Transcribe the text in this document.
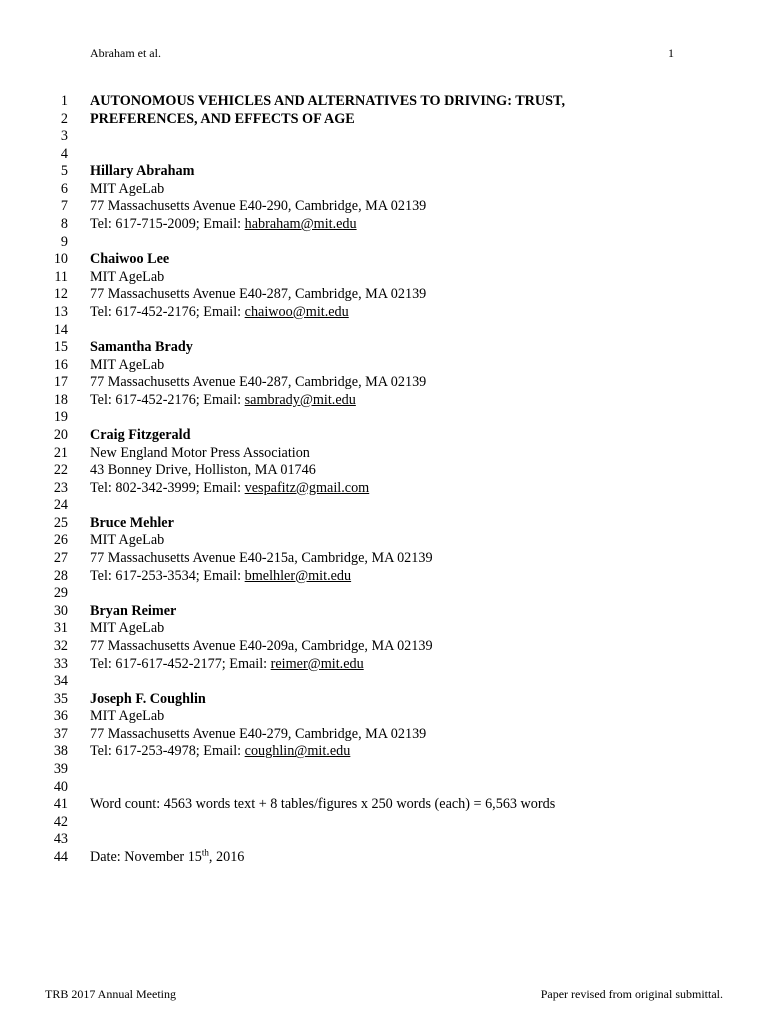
Abraham et al.	1
1 AUTONOMOUS VEHICLES AND ALTERNATIVES TO DRIVING: TRUST,
2 PREFERENCES, AND EFFECTS OF AGE
3
4
5 Hillary Abraham
6 MIT AgeLab
7 77 Massachusetts Avenue E40-290, Cambridge, MA 02139
8 Tel: 617-715-2009; Email: habraham@mit.edu
9
10 Chaiwoo Lee
11 MIT AgeLab
12 77 Massachusetts Avenue E40-287, Cambridge, MA 02139
13 Tel: 617-452-2176; Email: chaiwoo@mit.edu
14
15 Samantha Brady
16 MIT AgeLab
17 77 Massachusetts Avenue E40-287, Cambridge, MA 02139
18 Tel: 617-452-2176; Email: sambrady@mit.edu
19
20 Craig Fitzgerald
21 New England Motor Press Association
22 43 Bonney Drive, Holliston, MA 01746
23 Tel: 802-342-3999; Email: vespafitz@gmail.com
24
25 Bruce Mehler
26 MIT AgeLab
27 77 Massachusetts Avenue E40-215a, Cambridge, MA 02139
28 Tel: 617-253-3534; Email: bmelhler@mit.edu
29
30 Bryan Reimer
31 MIT AgeLab
32 77 Massachusetts Avenue E40-209a, Cambridge, MA 02139
33 Tel: 617-617-452-2177; Email: reimer@mit.edu
34
35 Joseph F. Coughlin
36 MIT AgeLab
37 77 Massachusetts Avenue E40-279, Cambridge, MA 02139
38 Tel: 617-253-4978; Email: coughlin@mit.edu
39
40
41 Word count: 4563 words text + 8 tables/figures x 250 words (each) = 6,563 words
42
43
44 Date: November 15th, 2016
TRB 2017 Annual Meeting	Paper revised from original submittal.
